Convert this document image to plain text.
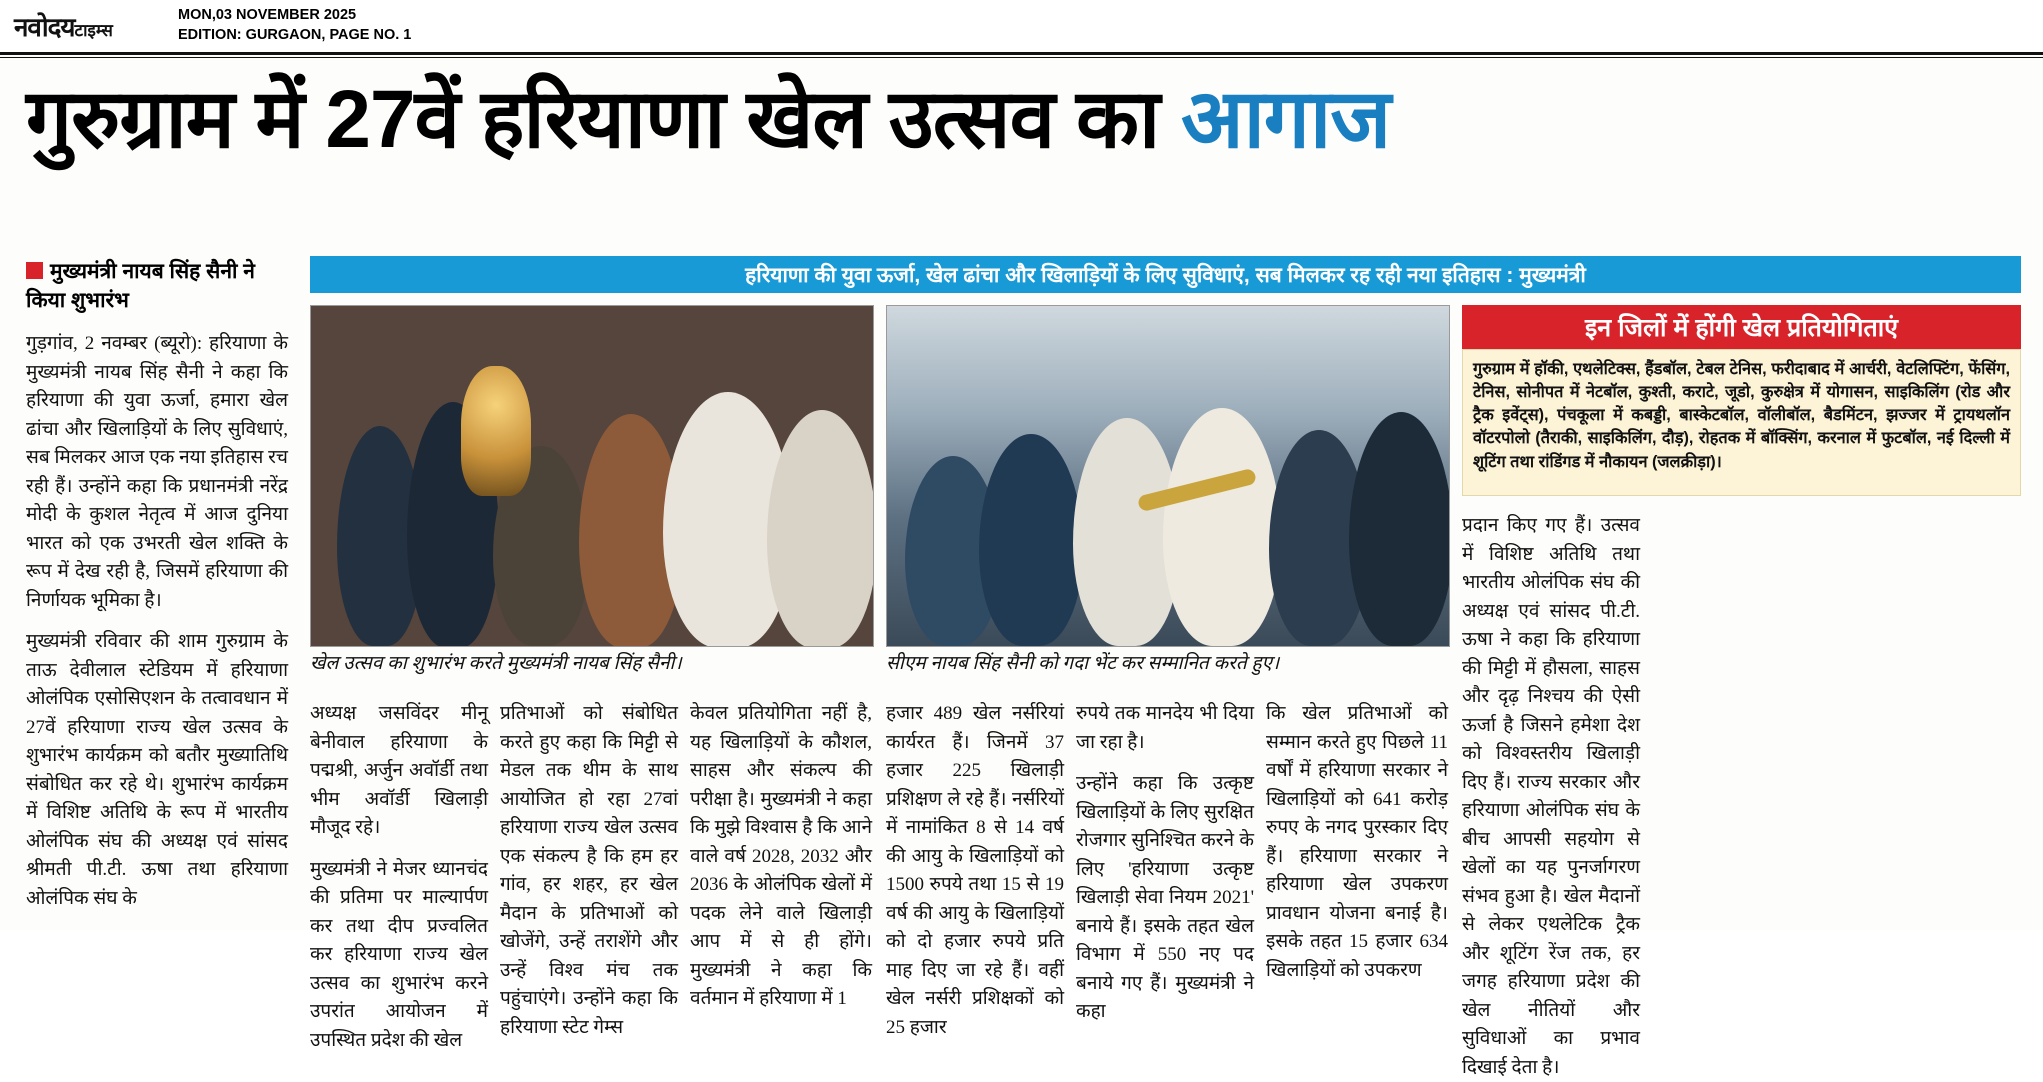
नवोदयटाइम्स
MON,03 NOVEMBER 2025
EDITION: GURGAON, PAGE NO. 1
गुरुग्राम में 27वें हरियाणा खेल उत्सव का आगाज
मुख्यमंत्री नायब सिंह सैनी ने किया शुभारंभ
हरियाणा की युवा ऊर्जा, खेल ढांचा और खिलाड़ियों के लिए सुविधाएं, सब मिलकर रह रही नया इतिहास : मुख्यमंत्री
खेल उत्सव का शुभारंभ करते मुख्यमंत्री नायब सिंह सैनी।	सीएम नायब सिंह सैनी को गदा भेंट कर सम्मानित करते हुए।
इन जिलों में होंगी खेल प्रतियोगिताएं
गुरुग्राम में हॉकी, एथलेटिक्स, हैंडबॉल, टेबल टेनिस, फरीदाबाद में आर्चरी, वेटलिफ्टिंग, फेंसिंग, टेनिस, सोनीपत में नेटबॉल, कुश्ती, कराटे, जूडो, कुरुक्षेत्र में योगासन, साइकिलिंग (रोड और ट्रैक इवेंट्स), पंचकूला में कबड्डी, बास्केटबॉल, वॉलीबॉल, बैडमिंटन, झज्जर में ट्रायथलॉन वॉटरपोलो (तैराकी, साइकिलिंग, दौड़), रोहतक में बॉक्सिंग, करनाल में फुटबॉल, नई दिल्ली में शूटिंग तथा रांडिंगड में नौकायन (जलक्रीड़ा)।

गुड़गांव, 2 नवम्बर (ब्यूरो): हरियाणा के मुख्यमंत्री नायब सिंह सैनी ने कहा कि हरियाणा की युवा ऊर्जा, हमारा खेल ढांचा और खिलाड़ियों के लिए सुविधाएं, सब मिलकर आज एक नया इतिहास रच रही हैं। उन्होंने कहा कि प्रधानमंत्री नरेंद्र मोदी के कुशल नेतृत्व में आज दुनिया भारत को एक उभरती खेल शक्ति के रूप में देख रही है, जिसमें हरियाणा की निर्णायक भूमिका है।

मुख्यमंत्री रविवार की शाम गुरुग्राम के ताऊ देवीलाल स्टेडियम में हरियाणा ओलंपिक एसोसिएशन के तत्वावधान में 27वें हरियाणा राज्य खेल उत्सव के शुभारंभ कार्यक्रम को बतौर मुख्यातिथि संबोधित कर रहे थे। शुभारंभ कार्यक्रम में विशिष्ट अतिथि के रूप में भारतीय ओलंपिक संघ की अध्यक्ष एवं सांसद श्रीमती पी.टी. ऊषा तथा हरियाणा ओलंपिक संघ के

अध्यक्ष जसविंदर मीनू बेनीवाल हरियाणा के पद्मश्री, अर्जुन अवॉर्डी तथा भीम अवॉर्डी खिलाड़ी मौजूद रहे।

मुख्यमंत्री ने मेजर ध्यानचंद की प्रतिमा पर माल्यार्पण कर तथा दीप प्रज्वलित कर हरियाणा राज्य खेल उत्सव का शुभारंभ करने उपरांत आयोजन में उपस्थित प्रदेश की खेल

प्रतिभाओं को संबोधित करते हुए कहा कि मिट्टी से मेडल तक थीम के साथ आयोजित हो रहा 27वां हरियाणा राज्य खेल उत्सव एक संकल्प है कि हम हर गांव, हर शहर, हर खेल मैदान के प्रतिभाओं को खोजेंगे, उन्हें तराशेंगे और उन्हें विश्व मंच तक पहुंचाएंगे। उन्होंने कहा कि हरियाणा स्टेट गेम्स

केवल प्रतियोगिता नहीं है, यह खिलाड़ियों के कौशल, साहस और संकल्प की परीक्षा है। मुख्यमंत्री ने कहा कि मुझे विश्वास है कि आने वाले वर्ष 2028, 2032 और 2036 के ओलंपिक खेलों में पदक लेने वाले खिलाड़ी आप में से ही होंगे। मुख्यमंत्री ने कहा कि वर्तमान में हरियाणा में 1

हजार 489 खेल नर्सरियां कार्यरत हैं। जिनमें 37 हजार 225 खिलाड़ी प्रशिक्षण ले रहे हैं। नर्सरियों में नामांकित 8 से 14 वर्ष की आयु के खिलाड़ियों को 1500 रुपये तथा 15 से 19 वर्ष की आयु के खिलाड़ियों को दो हजार रुपये प्रति माह दिए जा रहे हैं। वहीं खेल नर्सरी प्रशिक्षकों को 25 हजार

रुपये तक मानदेय भी दिया जा रहा है।

उन्होंने कहा कि उत्कृष्ट खिलाड़ियों के लिए सुरक्षित रोजगार सुनिश्चित करने के लिए 'हरियाणा उत्कृष्ट खिलाड़ी सेवा नियम 2021' बनाये हैं। इसके तहत खेल विभाग में 550 नए पद बनाये गए हैं। मुख्यमंत्री ने कहा

कि खेल प्रतिभाओं को सम्मान करते हुए पिछले 11 वर्षों में हरियाणा सरकार ने खिलाड़ियों को 641 करोड़ रुपए के नगद पुरस्कार दिए हैं। हरियाणा सरकार ने हरियाणा खेल उपकरण प्रावधान योजना बनाई है। इसके तहत 15 हजार 634 खिलाड़ियों को उपकरण

प्रदान किए गए हैं। उत्सव में विशिष्ट अतिथि तथा भारतीय ओलंपिक संघ की अध्यक्ष एवं सांसद पी.टी. ऊषा ने कहा कि हरियाणा की मिट्टी में हौसला, साहस और दृढ़ निश्चय की ऐसी ऊर्जा है जिसने हमेशा देश को विश्वस्तरीय खिलाड़ी दिए हैं। राज्य सरकार और हरियाणा ओलंपिक संघ के बीच आपसी सहयोग से खेलों का यह पुनर्जागरण संभव हुआ है। खेल मैदानों से लेकर एथलेटिक ट्रैक और शूटिंग रेंज तक, हर जगह हरियाणा प्रदेश की खेल नीतियों और सुविधाओं का प्रभाव दिखाई देता है।
